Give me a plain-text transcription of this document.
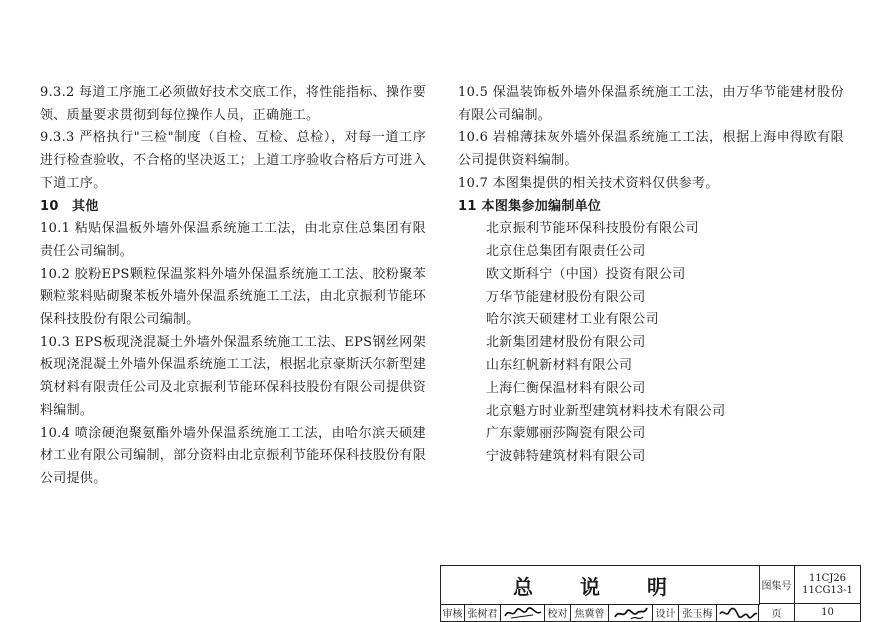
9.3.2 每道工序施工必须做好技术交底工作，将性能指标、操作要领、质量要求贯彻到每位操作人员，正确施工。

9.3.3 严格执行"三检"制度（自检、互检、总检），对每一道工序进行检查验收，不合格的坚决返工；上道工序验收合格后方可进入下道工序。

10　其他

10.1 粘贴保温板外墙外保温系统施工工法，由北京住总集团有限责任公司编制。

10.2 胶粉EPS颗粒保温浆料外墙外保温系统施工工法、胶粉聚苯颗粒浆料贴砌聚苯板外墙外保温系统施工工法，由北京振利节能环保科技股份有限公司编制。

10.3 EPS板现浇混凝土外墙外保温系统施工工法、EPS钢丝网架板现浇混凝土外墙外保温系统施工工法，根据北京豪斯沃尔新型建筑材料有限责任公司及北京振利节能环保科技股份有限公司提供资料编制。

10.4 喷涂硬泡聚氨酯外墙外保温系统施工工法，由哈尔滨天硕建材工业有限公司编制，部分资料由北京振利节能环保科技股份有限公司提供。

10.5 保温装饰板外墙外保温系统施工工法，由万华节能建材股份有限公司编制。

10.6 岩棉薄抹灰外墙外保温系统施工工法，根据上海申得欧有限公司提供资料编制。

10.7 本图集提供的相关技术资料仅供参考。

11 本图集参加编制单位

北京振利节能环保科技股份有限公司
北京住总集团有限责任公司
欧文斯科宁（中国）投资有限公司
万华节能建材股份有限公司
哈尔滨天硕建材工业有限公司
北新集团建材股份有限公司
山东红帆新材料有限公司
上海仁衡保温材料有限公司
北京魁方时业新型建筑材料技术有限公司
广东蒙娜丽莎陶瓷有限公司
宁波韩特建筑材料有限公司
总 说 明	图集号
11CJ26
11CG13-1
审核 张树君	校对 焦冀曾	设计 张玉梅	页	10
